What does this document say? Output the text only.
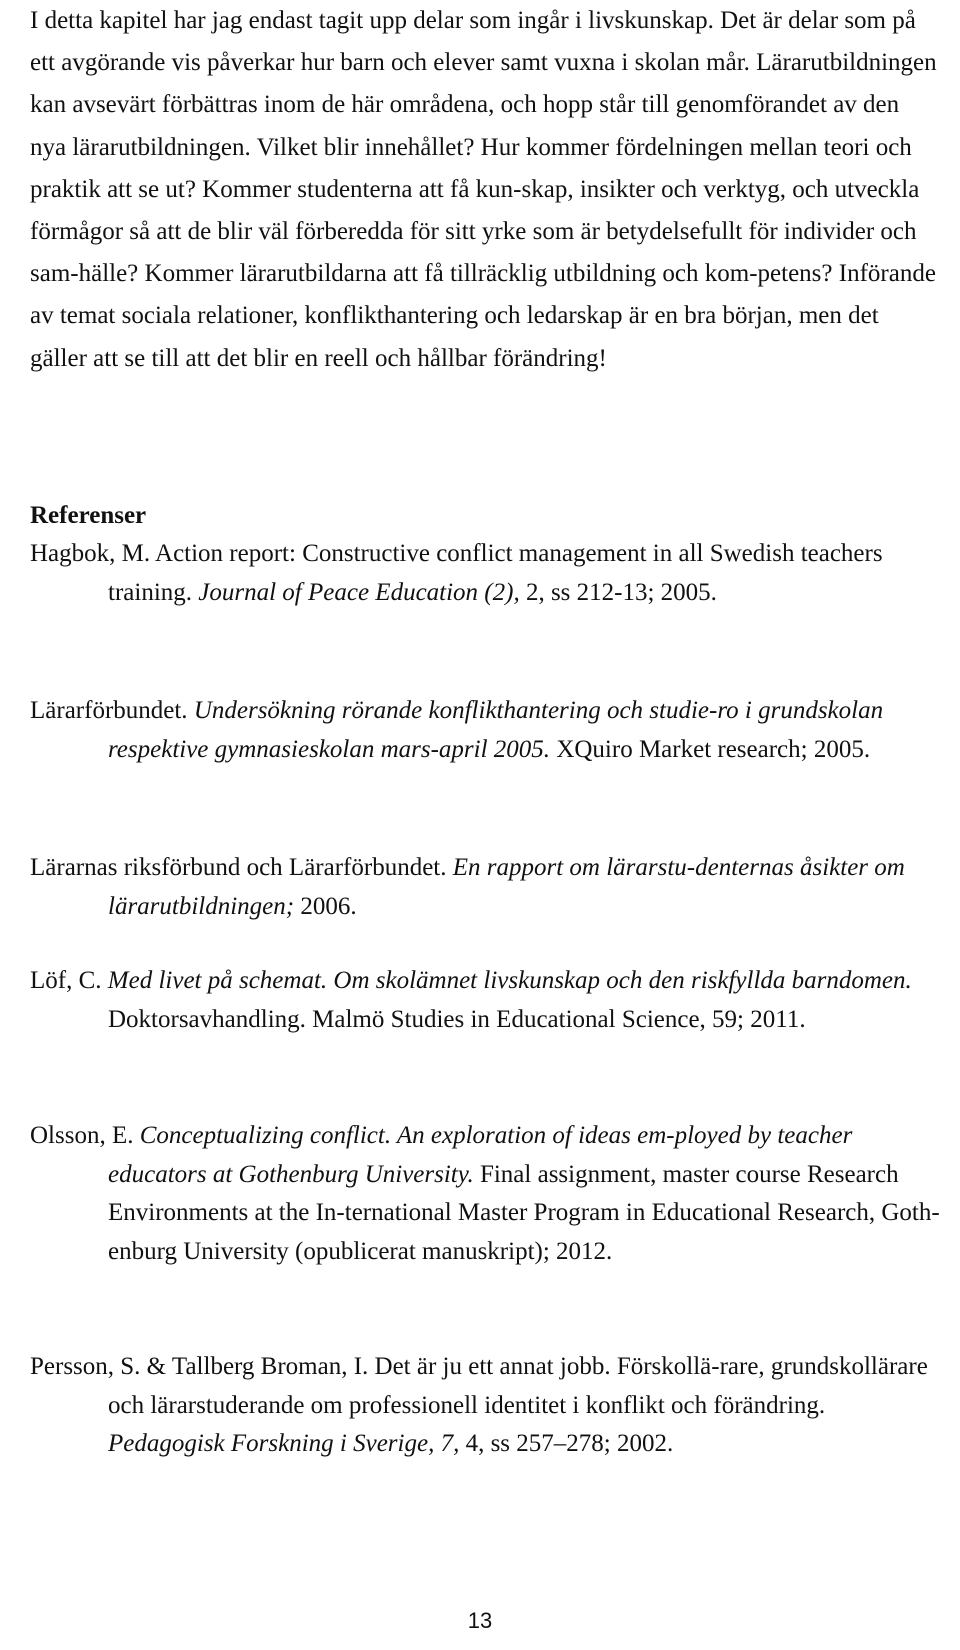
I detta kapitel har jag endast tagit upp delar som ingår i livskunskap. Det är delar som på ett avgörande vis påverkar hur barn och elever samt vuxna i skolan mår. Lärarutbildningen kan avsevärt förbättras inom de här områdena, och hopp står till genomförandet av den nya lärarutbildningen. Vilket blir innehållet? Hur kommer fördelningen mellan teori och praktik att se ut? Kommer studenterna att få kun-skap, insikter och verktyg, och utveckla förmågor så att de blir väl förberedda för sitt yrke som är betydelsefullt för individer och sam-hälle? Kommer lärarutbildarna att få tillräcklig utbildning och kom-petens? Införande av temat sociala relationer, konflikthantering och ledarskap är en bra början, men det gäller att se till att det blir en reell och hållbar förändring!

Referenser
Hagbok, M. Action report: Constructive conflict management in all Swedish teachers training. Journal of Peace Education (2), 2, ss 212-13; 2005.
Lärarförbundet. Undersökning rörande konflikthantering och studie-ro i grundskolan respektive gymnasieskolan mars-april 2005. XQuiro Market research; 2005.
Lärarnas riksförbund och Lärarförbundet. En rapport om lärarstu-denternas åsikter om lärarutbildningen; 2006.
Löf, C. Med livet på schemat. Om skolämnet livskunskap och den riskfyllda barndomen. Doktorsavhandling. Malmö Studies in Educational Science, 59; 2011.
Olsson, E. Conceptualizing conflict. An exploration of ideas em-ployed by teacher educators at Gothenburg University. Final assignment, master course Research Environments at the In-ternational Master Program in Educational Research, Goth-enburg University (opublicerat manuskript); 2012.
Persson, S. & Tallberg Broman, I. Det är ju ett annat jobb. Förskollä-rare, grundskollärare och lärarstuderande om professionell identitet i konflikt och förändring. Pedagogisk Forskning i Sverige, 7, 4, ss 257–278; 2002.
13
